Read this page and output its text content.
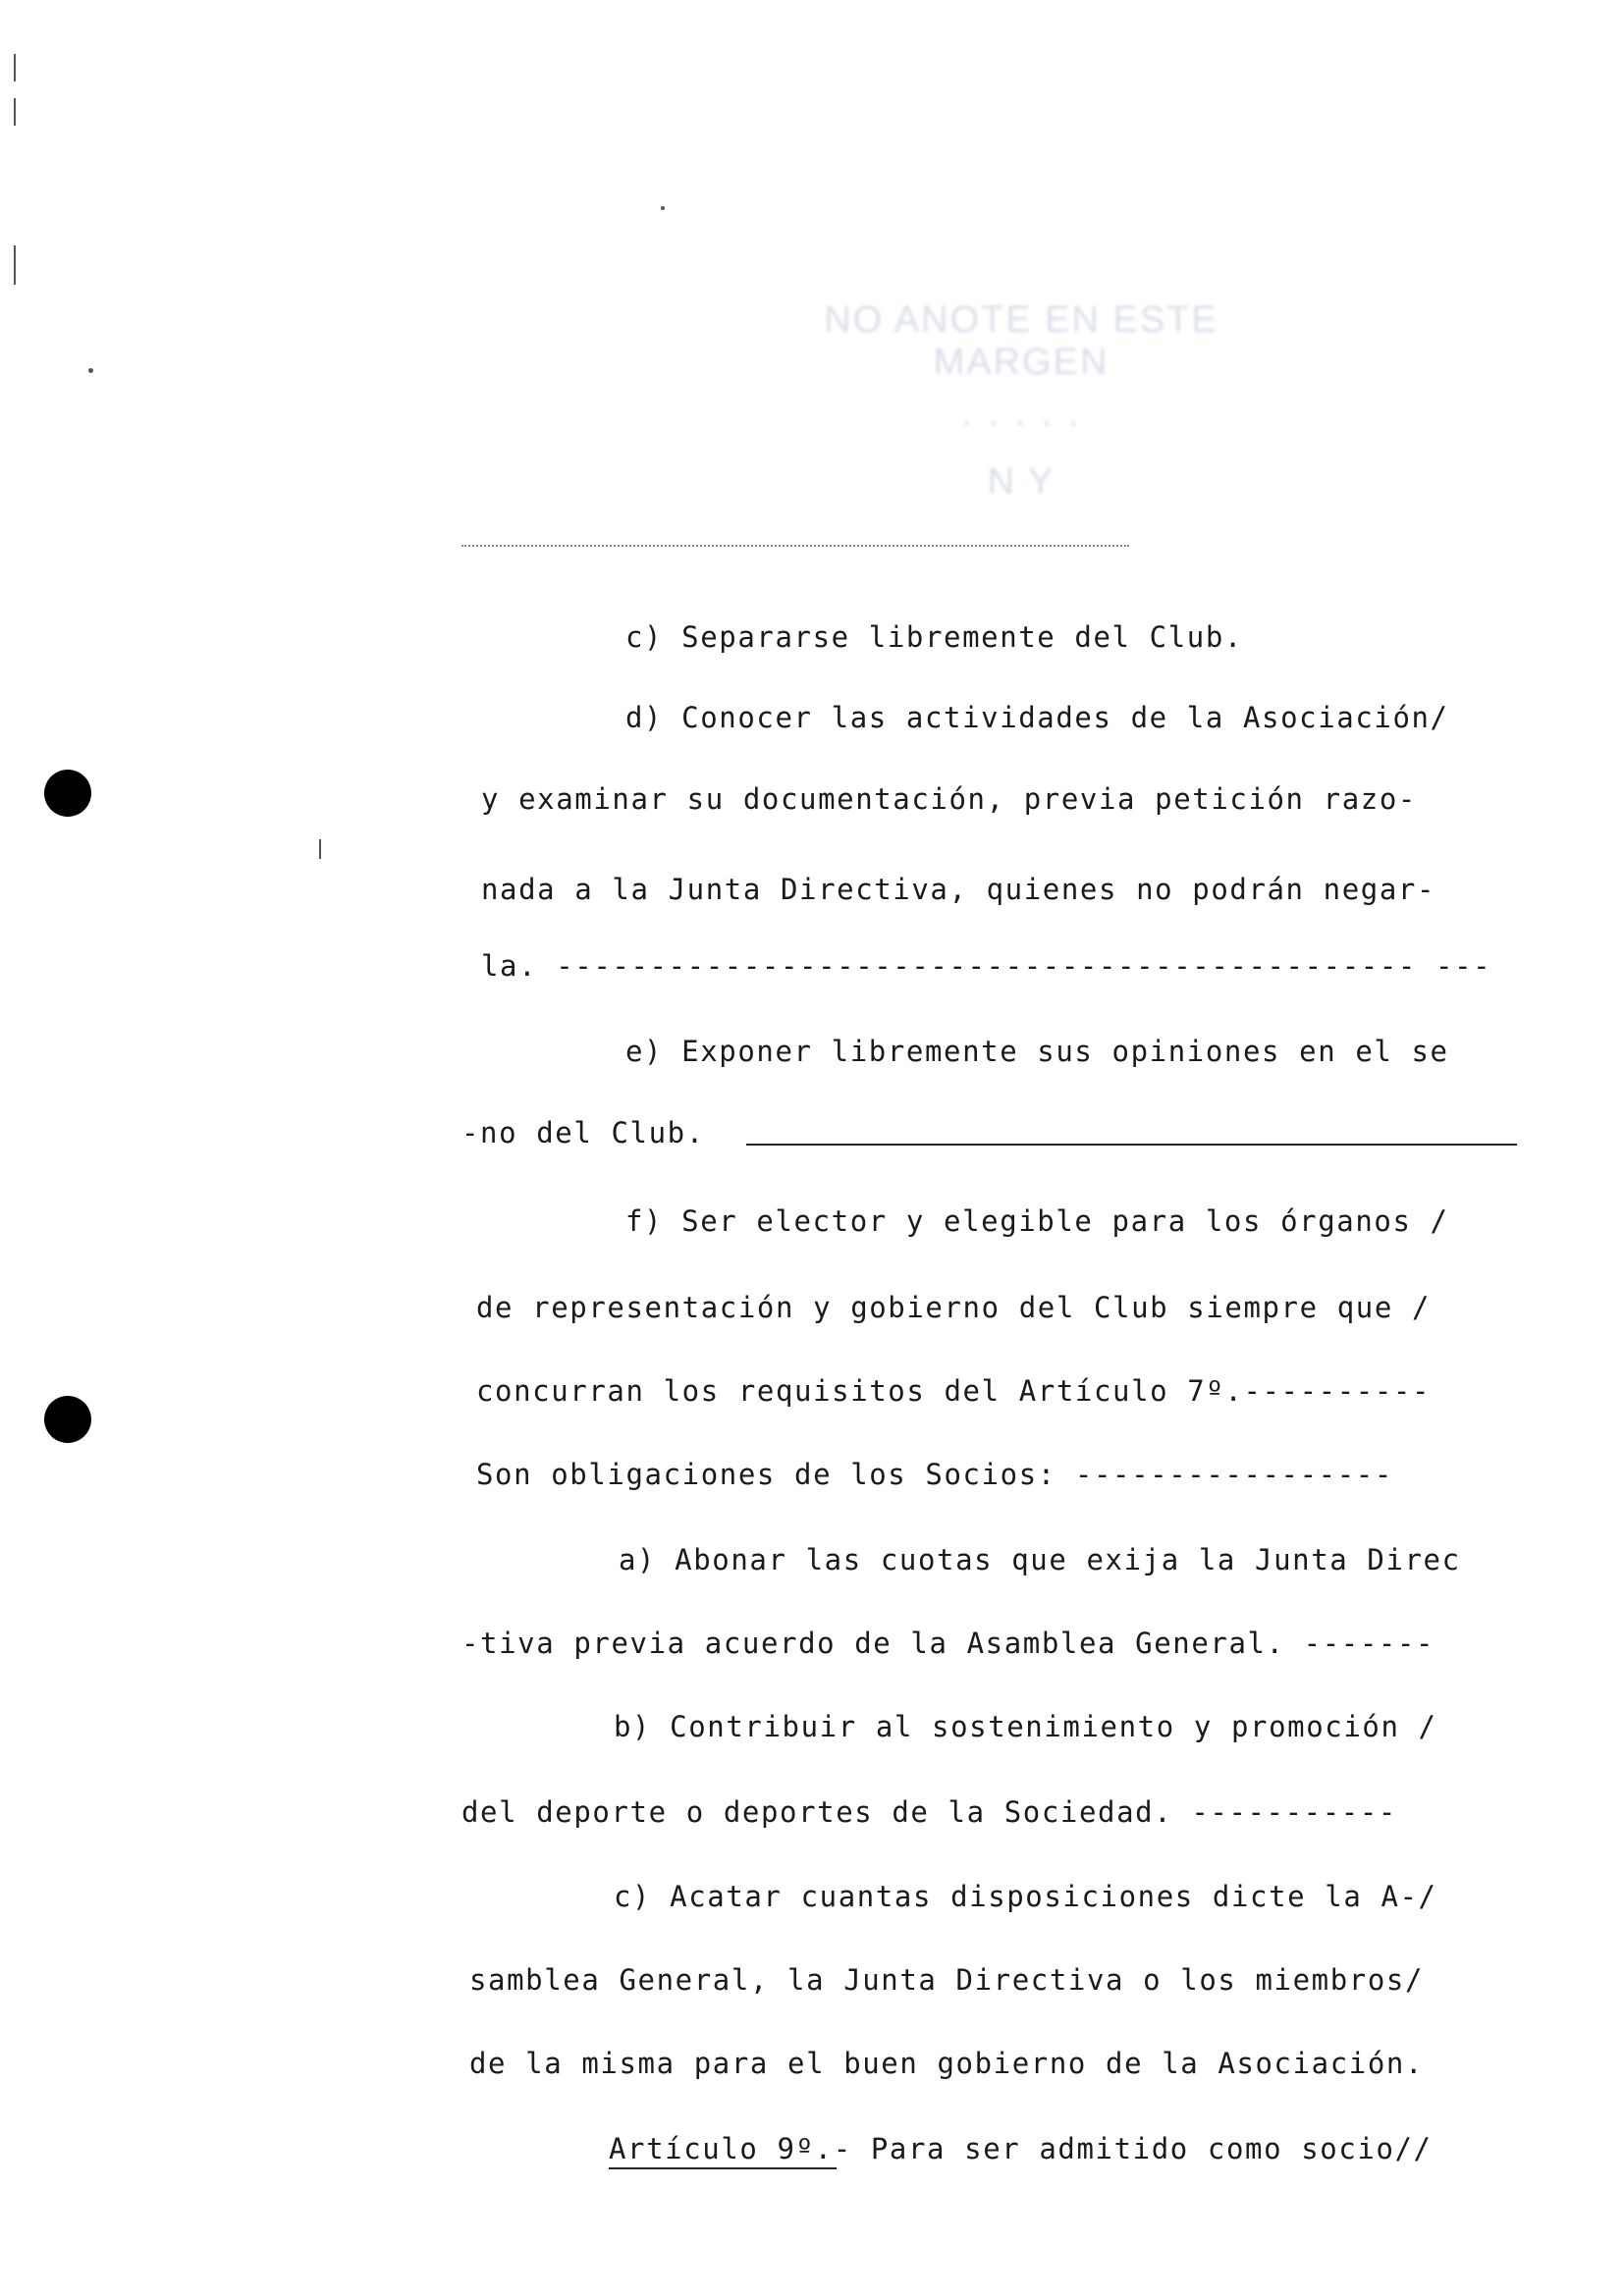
NO ANOTE EN ESTE MARGEN
· · · · ·
N Y
c) Separarse libremente del Club.
d) Conocer las actividades de la Asociación/
y examinar su documentación, previa petición razo-
nada a la Junta Directiva, quienes no podrán negar-
la. ---------------------------------------------- ---
e) Exponer libremente sus opiniones en el se
-no del Club.
f) Ser elector y elegible para los órganos /
de representación y gobierno del Club siempre que /
concurran los requisitos del Artículo 7º.----------
Son obligaciones de los Socios: -----------------
a) Abonar las cuotas que exija la Junta Direc
-tiva previa acuerdo de la Asamblea General. -------
b) Contribuir al sostenimiento y promoción /
del deporte o deportes de la Sociedad. -----------
c) Acatar cuantas disposiciones dicte la A-/
samblea General, la Junta Directiva o los miembros/
de la misma para el buen gobierno de la Asociación.
Artículo 9º.- Para ser admitido como socio//
